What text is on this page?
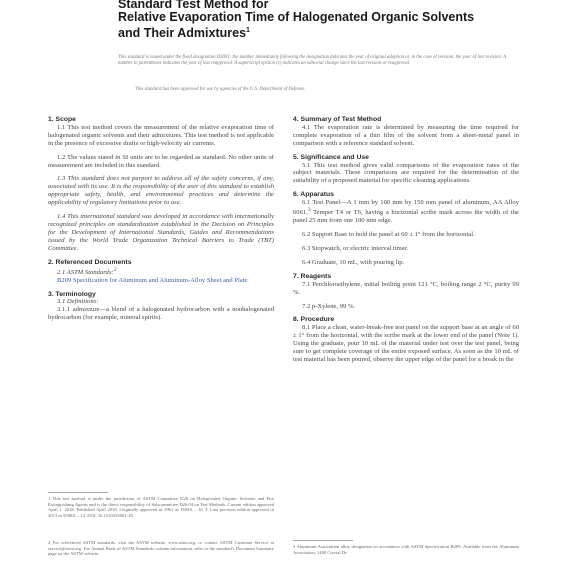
Standard Test Method for
Relative Evaporation Time of Halogenated Organic Solvents
and Their Admixtures$^1$
This standard is issued under the fixed designation D3001; the number immediately following the designation indicates the year of original adoption or, in the case of revision, the year of last revision. A number in parentheses indicates the year of last reapproval. A superscript epsilon (ε) indicates an editorial change since the last revision or reapproval.
This standard has been approved for use by agencies of the U.S. Department of Defense.

1. Scope

1.1 This test method covers the measurement of the relative evaporation time of halogenated organic solvents and their admixtures. This test method is not applicable in the presence of excessive drafts or high-velocity air currents.

1.2 The values stated in SI units are to be regarded as standard. No other units of measurement are included in this standard.

1.3 This standard does not purport to address all of the safety concerns, if any, associated with its use. It is the responsibility of the user of this standard to establish appropriate safety, health, and environmental practices and determine the applicability of regulatory limitations prior to use.

1.4 This international standard was developed in accordance with internationally recognized principles on standardization established in the Decision on Principles for the Development of International Standards, Guides and Recommendations issued by the World Trade Organization Technical Barriers to Trade (TBT) Committee.

2. Referenced Documents

2.1 ASTM Standards:$^2$

B209 Specification for Aluminum and Aluminum-Alloy Sheet and Plate

3. Terminology

3.1 Definitions:

3.1.1 admixture—a blend of a halogenated hydrocarbon with a nonhalogenated hydrocarbon (for example, mineral spirits).

4. Summary of Test Method

4.1 The evaporation rate is determined by measuring the time required for complete evaporation of a thin film of the solvent from a sheet-metal panel in comparison with a reference standard solvent.

5. Significance and Use

5.1 This test method gives valid comparisons of the evaporation rates of the subject materials. These comparisons are required for the determination of the suitability of a proposed material for specific cleaning applications.

6. Apparatus

6.1 Test Panel—A 1 mm by 100 mm by 150 mm panel of aluminum, AA Alloy 6061,$^3$ Temper T4 or T6, having a horizontal scribe mark across the width of the panel 25 mm from one 100 mm edge.

6.2 Support Base to hold the panel at 60 ± 1° from the horizontal.

6.3 Stopwatch, or electric interval timer.

6.4 Graduate, 10 mL, with pouring lip.

7. Reagents

7.1 Perchloroethylene, initial boiling point 121 °C, boiling range 2 °C, purity 99 %.

7.2 p-Xylene, 99 %.

8. Procedure

8.1 Place a clean, water-break-free test panel on the support base at an angle of 60 ± 1° from the horizontal, with the scribe mark at the lower end of the panel (Note 1). Using the graduate, pour 10 mL of the material under test over the test panel, being sure to get complete coverage of the entire exposed surface. As soon as the 10 mL of test material has been poured, observe the upper edge of the panel for a break in the

1 This test method is under the jurisdiction of ASTM Committee D26 on Halogenated Organic Solvents and Fire Extinguishing Agents and is the direct responsibility of Subcommittee D26.04 on Test Methods. Current edition approved April 1, 2018. Published April 2018. Originally approved in 1961 as D3001 – 61 T. Last previous edition approved in 2013 as D3001 – 13. DOI: 10.1520/D3001-18.
2 For referenced ASTM standards, visit the ASTM website, www.astm.org, or contact ASTM Customer Service at service@astm.org. For Annual Book of ASTM Standards volume information, refer to the standard's Document Summary page on the ASTM website.
3 Aluminum Association alloy designation in accordance with ASTM Specification B209. Available from the Aluminum Association, 1400 Crystal Dr.
